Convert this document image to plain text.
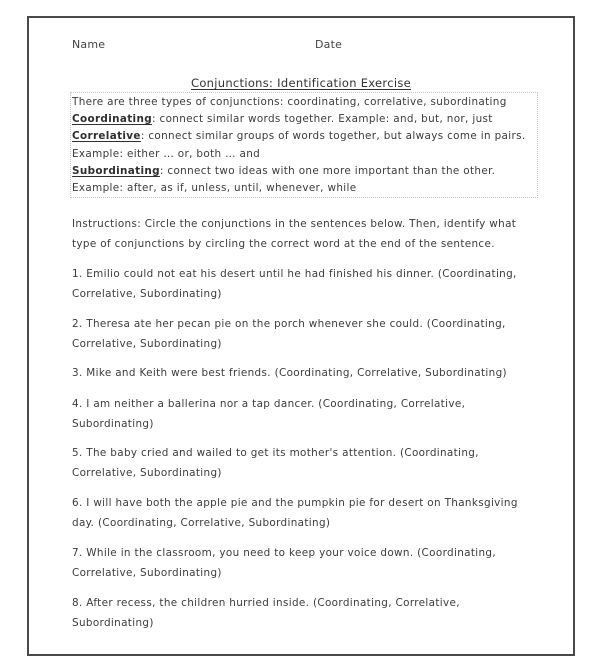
Name	Date
Conjunctions: Identification Exercise
There are three types of conjunctions: coordinating, correlative, subordinating
Coordinating: connect similar words together. Example: and, but, nor, just
Correlative: connect similar groups of words together, but always come in pairs.
Example: either … or, both … and
Subordinating: connect two ideas with one more important than the other.
Example: after, as if, unless, until, whenever, while
Instructions: Circle the conjunctions in the sentences below. Then, identify what
type of conjunctions by circling the correct word at the end of the sentence.
1. Emilio could not eat his desert until he had finished his dinner. (Coordinating,
Correlative, Subordinating)
2. Theresa ate her pecan pie on the porch whenever she could. (Coordinating,
Correlative, Subordinating)
3. Mike and Keith were best friends. (Coordinating, Correlative, Subordinating)
4. I am neither a ballerina nor a tap dancer. (Coordinating, Correlative,
Subordinating)
5. The baby cried and wailed to get its mother's attention. (Coordinating,
Correlative, Subordinating)
6. I will have both the apple pie and the pumpkin pie for desert on Thanksgiving
day. (Coordinating, Correlative, Subordinating)
7. While in the classroom, you need to keep your voice down. (Coordinating,
Correlative, Subordinating)
8. After recess, the children hurried inside. (Coordinating, Correlative,
Subordinating)
